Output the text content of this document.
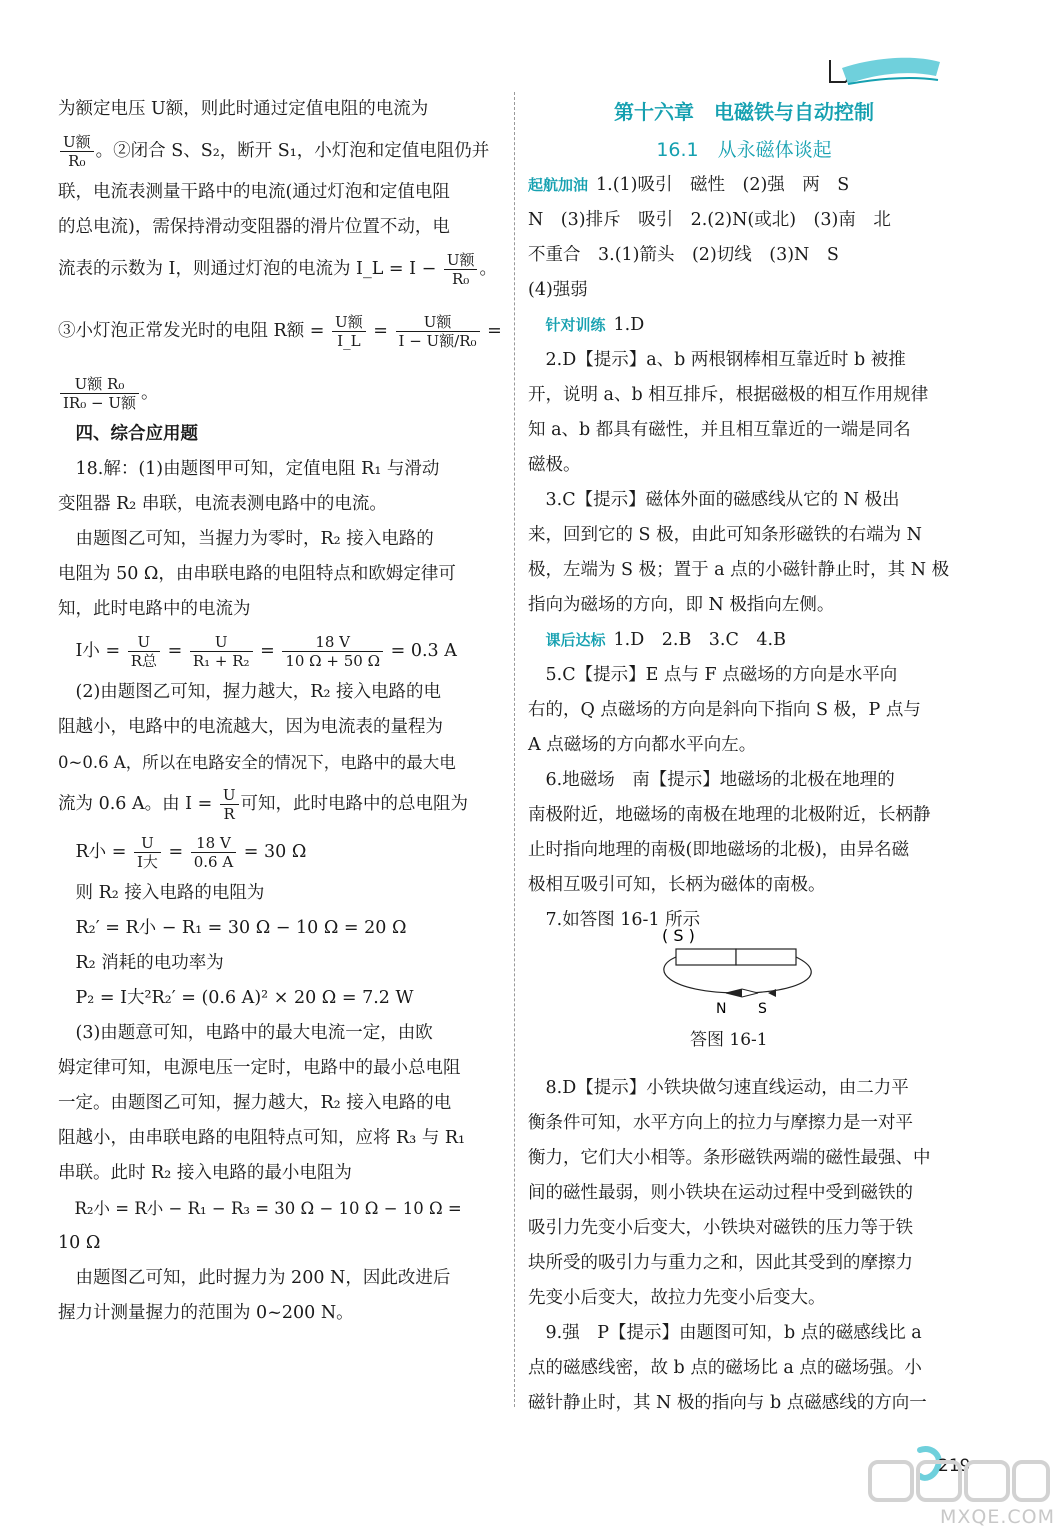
为额定电压 U额，则此时通过定值电阻的电流为
$\frac{\text{U额}}{\text{R₀}}$ 。②闭合 S、S₂，断开 S₁，小灯泡和定值电阻仍并
联，电流表测量干路中的电流(通过灯泡和定值电阻
的总电流)，需保持滑动变阻器的滑片位置不动，电
流表的示数为 I，则通过灯泡的电流为 I_L = $I - \frac{\text{U额}}{\text{R₀}}$ 。
③小灯泡正常发光时的电阻 R额 = $\frac{\text{U额}}{I\_L} = \frac{\text{U额}}{\text{I − U额/R₀}}$ =
$\frac{\text{U额 R₀}}{\text{IR₀ − U额}}$ 。
四、综合应用题
18.解：(1)由题图甲可知，定值电阻 R₁ 与滑动
变阻器 R₂ 串联，电流表测电路中的电流。
由题图乙可知，当握力为零时，R₂ 接入电路的
电阻为 50 Ω，由串联电路的电阻特点和欧姆定律可
知，此时电路中的电流为
I小 = $\frac{U}{\text{R总}} = \frac{U}{\text{R₁ + R₂}} = \frac{18 V}{10 \Omega + 50 \Omega} = 0.3$ A
(2)由题图乙可知，握力越大，R₂ 接入电路的电
阻越小，电路中的电流越大，因为电流表的量程为
0~0.6 A，所以在电路安全的情况下，电路中的最大电
流为 0.6 A。由 $I = \frac{U}{R}$ 可知，此时电路中的总电阻为
R小 = $\frac{U}{\text{I大}} = \frac{18 V}{0.6 A} = 30$ Ω
则 R₂ 接入电路的电阻为
R₂′ = R小 − R₁ = 30 Ω − 10 Ω = 20 Ω
R₂ 消耗的电功率为
P₂ = I大²R₂′ = (0.6 A)² × 20 Ω = 7.2 W
(3)由题意可知，电路中的最大电流一定，由欧
姆定律可知，电源电压一定时，电路中的最小总电阻
一定。由题图乙可知，握力越大，R₂ 接入电路的电
阻越小，由串联电路的电阻特点可知，应将 R₃ 与 R₁
串联。此时 R₂ 接入电路的最小电阻为
R₂小 = R小 − R₁ − R₃ = 30 Ω − 10 Ω − 10 Ω =
10 Ω
由题图乙可知，此时握力为 200 N，因此改进后
握力计测量握力的范围为 0~200 N。
第十六章　电磁铁与自动控制
16.1　从永磁体谈起
起航加油 1.(1)吸引　磁性　(2)强　两　S
N　(3)排斥　吸引　2.(2)N(或北)　(3)南　北
不重合　3.(1)箭头　(2)切线　(3)N　S
(4)强弱
针对训练 1.D
2.D【提示】a、b 两根钢棒相互靠近时 b 被推
开，说明 a、b 相互排斥，根据磁极的相互作用规律
知 a、b 都具有磁性，并且相互靠近的一端是同名
磁极。
3.C【提示】磁体外面的磁感线从它的 N 极出
来，回到它的 S 极，由此可知条形磁铁的右端为 N
极，左端为 S 极；置于 a 点的小磁针静止时，其 N 极
指向为磁场的方向，即 N 极指向左侧。
课后达标 1.D　2.B　3.C　4.B
5.C【提示】E 点与 F 点磁场的方向是水平向
右的，Q 点磁场的方向是斜向下指向 S 极，P 点与
A 点磁场的方向都水平向左。
6.地磁场　南【提示】地磁场的北极在地理的
南极附近，地磁场的南极在地理的北极附近，长柄静
止时指向地理的南极(即地磁场的北极)，由异名磁
极相互吸引可知，长柄为磁体的南极。
7.如答图 16-1 所示
8.D【提示】小铁块做匀速直线运动，由二力平
衡条件可知，水平方向上的拉力与摩擦力是一对平
衡力，它们大小相等。条形磁铁两端的磁性最强、中
间的磁性最弱，则小铁块在运动过程中受到磁铁的
吸引力先变小后变大，小铁块对磁铁的压力等于铁
块所受的吸引力与重力之和，因此其受到的摩擦力
先变小后变大，故拉力先变小后变大。
9.强　P【提示】由题图可知，b 点的磁感线比 a
点的磁感线密，故 b 点的磁场比 a 点的磁场强。小
磁针静止时，其 N 极的指向与 b 点磁感线的方向一
( S )
N S
答图 16-1
219
MXQE.COM
